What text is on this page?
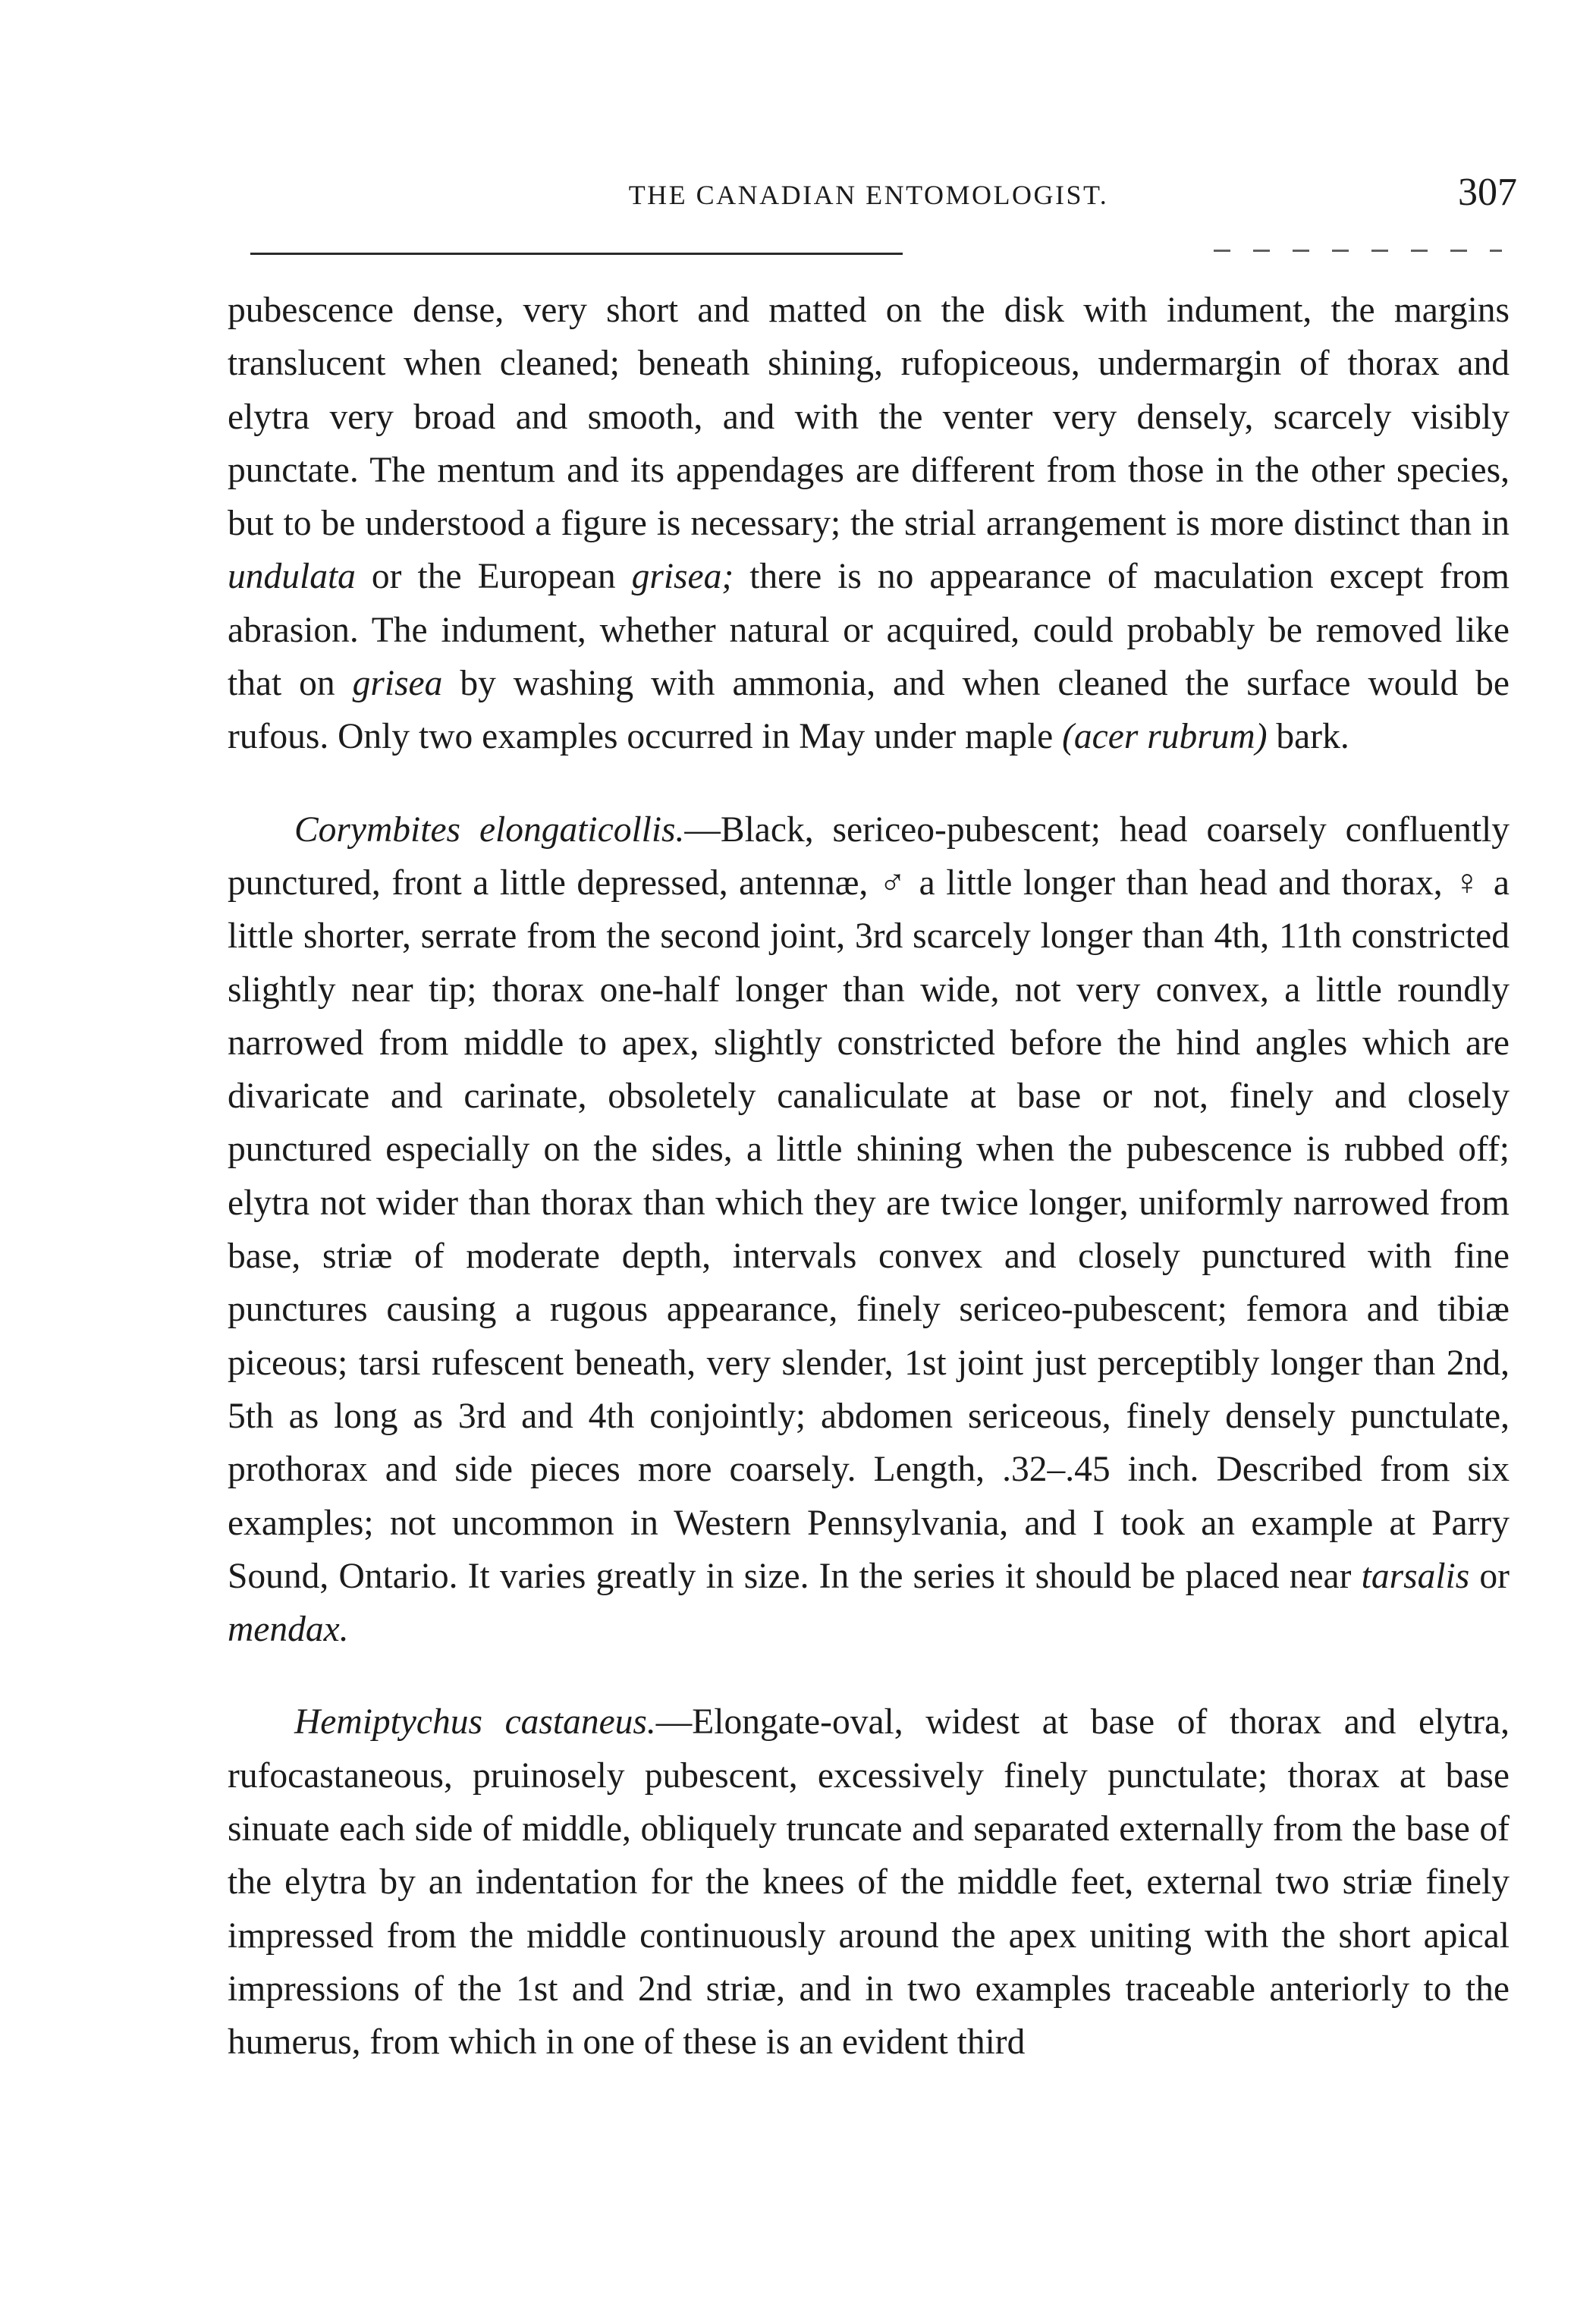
THE CANADIAN ENTOMOLOGIST.	307

pubescence dense, very short and matted on the disk with indument, the margins translucent when cleaned; beneath shining, rufopiceous, undermargin of thorax and elytra very broad and smooth, and with the venter very densely, scarcely visibly punctate. The mentum and its appendages are different from those in the other species, but to be understood a figure is necessary; the strial arrangement is more distinct than in undulata or the European grisea; there is no appearance of maculation except from abrasion. The indument, whether natural or acquired, could probably be removed like that on grisea by washing with ammonia, and when cleaned the surface would be rufous. Only two examples occurred in May under maple (acer rubrum) bark.

Corymbites elongaticollis.—Black, sericeo-pubescent; head coarsely confluently punctured, front a little depressed, antennæ, ♂ a little longer than head and thorax, ♀ a little shorter, serrate from the second joint, 3rd scarcely longer than 4th, 11th constricted slightly near tip; thorax one-half longer than wide, not very convex, a little roundly narrowed from middle to apex, slightly constricted before the hind angles which are divaricate and carinate, obsoletely canaliculate at base or not, finely and closely punctured especially on the sides, a little shining when the pubescence is rubbed off; elytra not wider than thorax than which they are twice longer, uniformly narrowed from base, striæ of moderate depth, intervals convex and closely punctured with fine punctures causing a rugous appearance, finely sericeo-pubescent; femora and tibiæ piceous; tarsi rufescent beneath, very slender, 1st joint just perceptibly longer than 2nd, 5th as long as 3rd and 4th conjointly; abdomen sericeous, finely densely punctulate, prothorax and side pieces more coarsely. Length, .32–.45 inch. Described from six examples; not uncommon in Western Pennsylvania, and I took an example at Parry Sound, Ontario. It varies greatly in size. In the series it should be placed near tarsalis or mendax.

Hemiptychus castaneus.—Elongate-oval, widest at base of thorax and elytra, rufocastaneous, pruinosely pubescent, excessively finely punctulate; thorax at base sinuate each side of middle, obliquely truncate and separated externally from the base of the elytra by an indentation for the knees of the middle feet, external two striæ finely impressed from the middle continuously around the apex uniting with the short apical impressions of the 1st and 2nd striæ, and in two examples traceable anteriorly to the humerus, from which in one of these is an evident third
